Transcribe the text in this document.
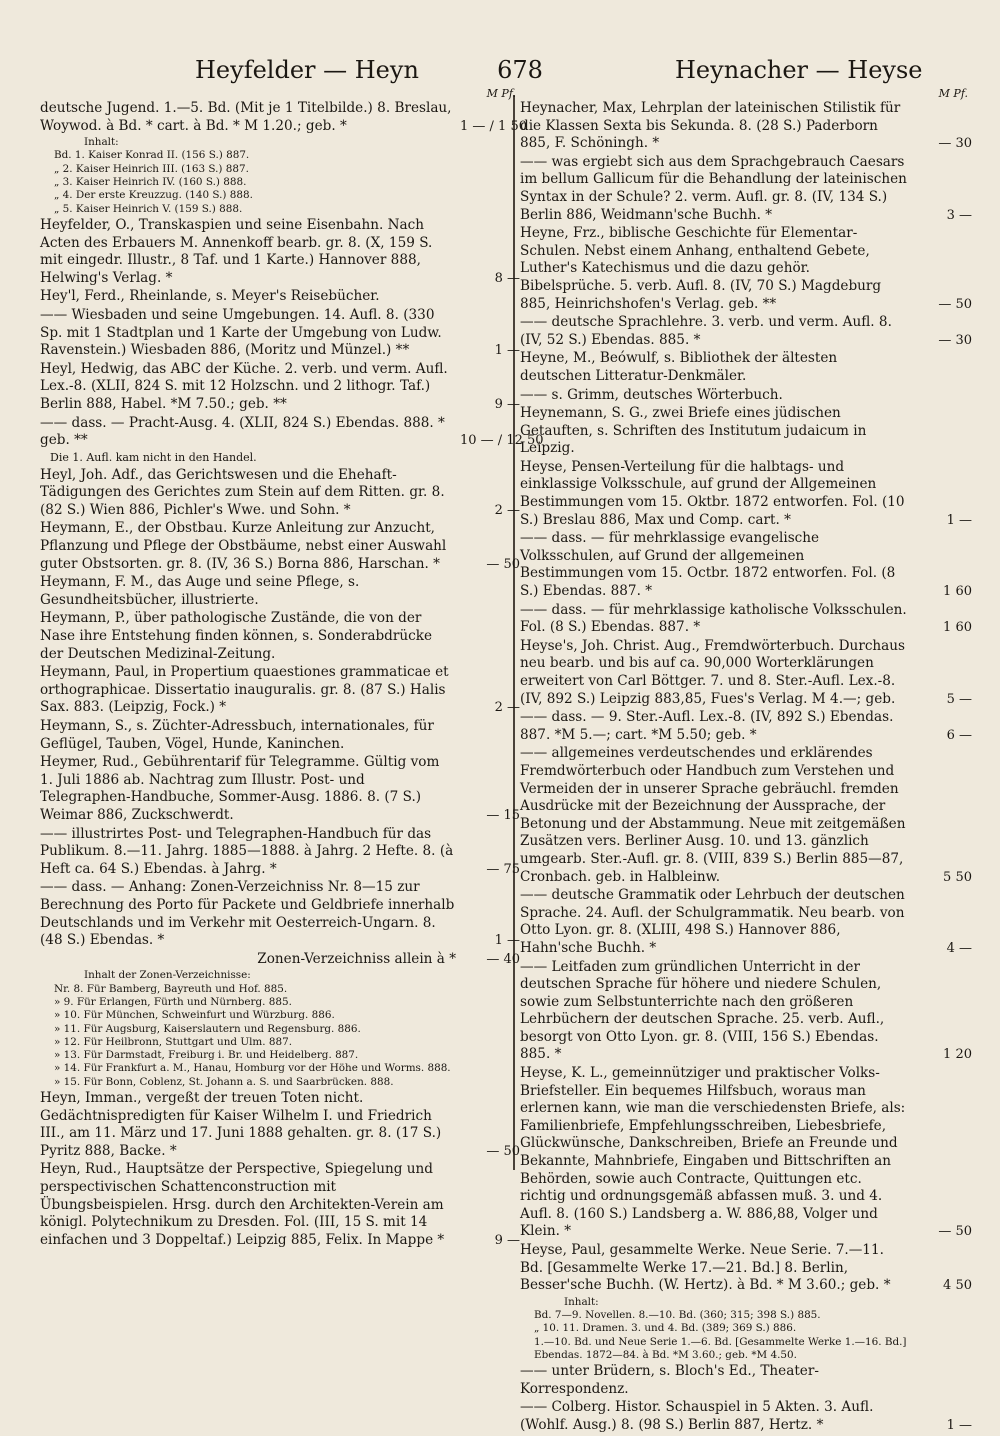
Heyfelder — Heyn	678	Heynacher — Heyse
M Pf.
deutsche Jugend. 1.—5. Bd. (Mit je 1 Titelbilde.) 8. Breslau, Woywod. à Bd. * cart. à Bd. * M 1.20.; geb. *	1 — / 1 50
Inhalt:
Bd. 1. Kaiser Konrad II. (156 S.) 887.
„ 2. Kaiser Heinrich III. (163 S.) 887.
„ 3. Kaiser Heinrich IV. (160 S.) 888.
„ 4. Der erste Kreuzzug. (140 S.) 888.
„ 5. Kaiser Heinrich V. (159 S.) 888.
Heyfelder, O., Transkaspien und seine Eisenbahn. Nach Acten des Erbauers M. Annenkoff bearb. gr. 8. (X, 159 S. mit eingedr. Illustr., 8 Taf. und 1 Karte.) Hannover 888, Helwing's Verlag. *	8 —
Hey'l, Ferd., Rheinlande, s. Meyer's Reisebücher.
—— Wiesbaden und seine Umgebungen. 14. Aufl. 8. (330 Sp. mit 1 Stadtplan und 1 Karte der Umgebung von Ludw. Ravenstein.) Wiesbaden 886, (Moritz und Münzel.) **	1 —
Heyl, Hedwig, das ABC der Küche. 2. verb. und verm. Aufl. Lex.-8. (XLII, 824 S. mit 12 Holzschn. und 2 lithogr. Taf.) Berlin 888, Habel. *M 7.50.; geb. **	9 —
—— dass. — Pracht-Ausg. 4. (XLII, 824 S.) Ebendas. 888. * geb. **	10 — / 12 50
Die 1. Aufl. kam nicht in den Handel.
Heyl, Joh. Adf., das Gerichtswesen und die Ehehaft-Tädigungen des Gerichtes zum Stein auf dem Ritten. gr. 8. (82 S.) Wien 886, Pichler's Wwe. und Sohn. *	2 —
Heymann, E., der Obstbau. Kurze Anleitung zur Anzucht, Pflanzung und Pflege der Obstbäume, nebst einer Auswahl guter Obstsorten. gr. 8. (IV, 36 S.) Borna 886, Harschan. *	— 50
Heymann, F. M., das Auge und seine Pflege, s. Gesundheitsbücher, illustrierte.
Heymann, P., über pathologische Zustände, die von der Nase ihre Entstehung finden können, s. Sonderabdrücke der Deutschen Medizinal-Zeitung.
Heymann, Paul, in Propertium quaestiones grammaticae et orthographicae. Dissertatio inauguralis. gr. 8. (87 S.) Halis Sax. 883. (Leipzig, Fock.) *	2 —
Heymann, S., s. Züchter-Adressbuch, internationales, für Geflügel, Tauben, Vögel, Hunde, Kaninchen.
Heymer, Rud., Gebührentarif für Telegramme. Gültig vom 1. Juli 1886 ab. Nachtrag zum Illustr. Post- und Telegraphen-Handbuche, Sommer-Ausg. 1886. 8. (7 S.) Weimar 886, Zuckschwerdt.	— 15
—— illustrirtes Post- und Telegraphen-Handbuch für das Publikum. 8.—11. Jahrg. 1885—1888. à Jahrg. 2 Hefte. 8. (à Heft ca. 64 S.) Ebendas. à Jahrg. *	— 75
—— dass. — Anhang: Zonen-Verzeichniss Nr. 8—15 zur Berechnung des Porto für Packete und Geldbriefe innerhalb Deutschlands und im Verkehr mit Oesterreich-Ungarn. 8. (48 S.) Ebendas. *	1 —
Zonen-Verzeichniss allein à *	— 40
Inhalt der Zonen-Verzeichnisse:
Nr. 8. Für Bamberg, Bayreuth und Hof. 885.
» 9. Für Erlangen, Fürth und Nürnberg. 885.
» 10. Für München, Schweinfurt und Würzburg. 886.
» 11. Für Augsburg, Kaiserslautern und Regensburg. 886.
» 12. Für Heilbronn, Stuttgart und Ulm. 887.
» 13. Für Darmstadt, Freiburg i. Br. und Heidelberg. 887.
» 14. Für Frankfurt a. M., Hanau, Homburg vor der Höhe und Worms. 888.
» 15. Für Bonn, Coblenz, St. Johann a. S. und Saarbrücken. 888.
Heyn, Imman., vergeßt der treuen Toten nicht. Gedächtnispredigten für Kaiser Wilhelm I. und Friedrich III., am 11. März und 17. Juni 1888 gehalten. gr. 8. (17 S.) Pyritz 888, Backe. *	— 50
Heyn, Rud., Hauptsätze der Perspective, Spiegelung und perspectivischen Schattenconstruction mit Übungsbeispielen. Hrsg. durch den Architekten-Verein am königl. Polytechnikum zu Dresden. Fol. (III, 15 S. mit 14 einfachen und 3 Doppeltaf.) Leipzig 885, Felix. In Mappe *	9 —
M Pf.
Heynacher, Max, Lehrplan der lateinischen Stilistik für die Klassen Sexta bis Sekunda. 8. (28 S.) Paderborn 885, F. Schöningh. *	— 30
—— was ergiebt sich aus dem Sprachgebrauch Caesars im bellum Gallicum für die Behandlung der lateinischen Syntax in der Schule? 2. verm. Aufl. gr. 8. (IV, 134 S.) Berlin 886, Weidmann'sche Buchh. *	3 —
Heyne, Frz., biblische Geschichte für Elementar-Schulen. Nebst einem Anhang, enthaltend Gebete, Luther's Katechismus und die dazu gehör. Bibelsprüche. 5. verb. Aufl. 8. (IV, 70 S.) Magdeburg 885, Heinrichshofen's Verlag. geb. **	— 50
—— deutsche Sprachlehre. 3. verb. und verm. Aufl. 8. (IV, 52 S.) Ebendas. 885. *	— 30
Heyne, M., Beówulf, s. Bibliothek der ältesten deutschen Litteratur-Denkmäler.
—— s. Grimm, deutsches Wörterbuch.
Heynemann, S. G., zwei Briefe eines jüdischen Getauften, s. Schriften des Institutum judaicum in Leipzig.
Heyse, Pensen-Verteilung für die halbtags- und einklassige Volksschule, auf grund der Allgemeinen Bestimmungen vom 15. Oktbr. 1872 entworfen. Fol. (10 S.) Breslau 886, Max und Comp. cart. *	1 —
—— dass. — für mehrklassige evangelische Volksschulen, auf Grund der allgemeinen Bestimmungen vom 15. Octbr. 1872 entworfen. Fol. (8 S.) Ebendas. 887. *	1 60
—— dass. — für mehrklassige katholische Volksschulen. Fol. (8 S.) Ebendas. 887. *	1 60
Heyse's, Joh. Christ. Aug., Fremdwörterbuch. Durchaus neu bearb. und bis auf ca. 90,000 Worterklärungen erweitert von Carl Böttger. 7. und 8. Ster.-Aufl. Lex.-8. (IV, 892 S.) Leipzig 883,85, Fues's Verlag. M 4.—; geb.	5 —
—— dass. — 9. Ster.-Aufl. Lex.-8. (IV, 892 S.) Ebendas. 887. *M 5.—; cart. *M 5.50; geb. *	6 —
—— allgemeines verdeutschendes und erklärendes Fremdwörterbuch oder Handbuch zum Verstehen und Vermeiden der in unserer Sprache gebräuchl. fremden Ausdrücke mit der Bezeichnung der Aussprache, der Betonung und der Abstammung. Neue mit zeitgemäßen Zusätzen vers. Berliner Ausg. 10. und 13. gänzlich umgearb. Ster.-Aufl. gr. 8. (VIII, 839 S.) Berlin 885—87, Cronbach. geb. in Halbleinw.	5 50
—— deutsche Grammatik oder Lehrbuch der deutschen Sprache. 24. Aufl. der Schulgrammatik. Neu bearb. von Otto Lyon. gr. 8. (XLIII, 498 S.) Hannover 886, Hahn'sche Buchh. *	4 —
—— Leitfaden zum gründlichen Unterricht in der deutschen Sprache für höhere und niedere Schulen, sowie zum Selbstunterrichte nach den größeren Lehrbüchern der deutschen Sprache. 25. verb. Aufl., besorgt von Otto Lyon. gr. 8. (VIII, 156 S.) Ebendas. 885. *	1 20
Heyse, K. L., gemeinnütziger und praktischer Volks-Briefsteller. Ein bequemes Hilfsbuch, woraus man erlernen kann, wie man die verschiedensten Briefe, als: Familienbriefe, Empfehlungsschreiben, Liebesbriefe, Glückwünsche, Dankschreiben, Briefe an Freunde und Bekannte, Mahnbriefe, Eingaben und Bittschriften an Behörden, sowie auch Contracte, Quittungen etc. richtig und ordnungsgemäß abfassen muß. 3. und 4. Aufl. 8. (160 S.) Landsberg a. W. 886,88, Volger und Klein. *	— 50
Heyse, Paul, gesammelte Werke. Neue Serie. 7.—11. Bd. [Gesammelte Werke 17.—21. Bd.] 8. Berlin, Besser'sche Buchh. (W. Hertz). à Bd. * M 3.60.; geb. *	4 50
Inhalt:
Bd. 7—9. Novellen. 8.—10. Bd. (360; 315; 398 S.) 885.
„ 10. 11. Dramen. 3. und 4. Bd. (389; 369 S.) 886.
1.—10. Bd. und Neue Serie 1.—6. Bd. [Gesammelte Werke 1.—16. Bd.]
Ebendas. 1872—84. à Bd. *M 3.60.; geb. *M 4.50.
—— unter Brüdern, s. Bloch's Ed., Theater-Korrespondenz.
—— Colberg. Histor. Schauspiel in 5 Akten. 3. Aufl. (Wohlf. Ausg.) 8. (98 S.) Berlin 887, Hertz. *	1 —
